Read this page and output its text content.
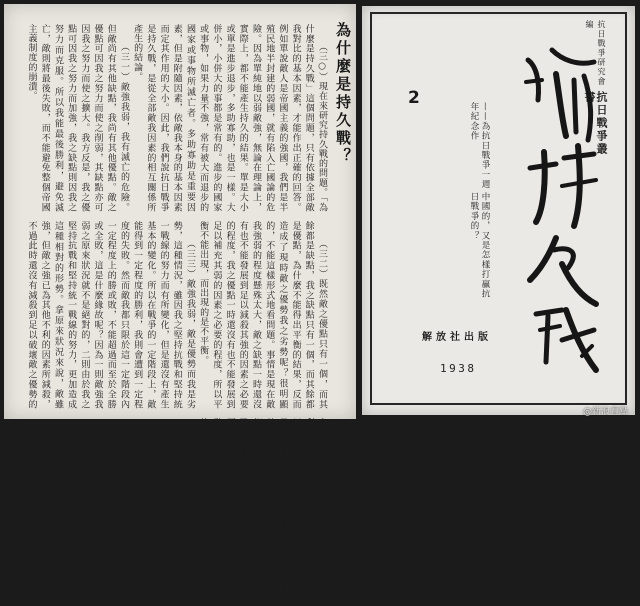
為什麼是持久戰？

（三○）現在來研究持久戰的問題。「為什麼是持久戰」這個問題，只有依據全部敵我對比的基本因素，才能作出正確的回答。例如單說敵人是帝國主義的強國，我們是半殖民地半封建的弱國，就有陷入亡國論的危險。因為單純地以弱敵強，無論在理論上，實際上，都不能產生持久的結果。單是大小或單是進步退步，多助寡助，也是一樣。大併小，小併大的事都是常有的。進步的國家或事物，如果力量不強，常有被大而退步的國家或事物所滅亡者。多助寡助是重要因素，但是附隨因素，依敵我本身的基本因素而定其作用的大小。因此，我們說抗日戰爭是持久戰，是從全部敵我因素的相互關係所產生的結論。

（三一）敵強我弱，我有滅亡的危險。但敵尚有其他缺點，我尚有其他優點。敵之優點可因我之努力而使之削弱，其缺點亦可因我之努力而使之擴大。我方反是，我之優點可因我之努力而加強，我之缺點則因我之努力而克服。所以我能最後勝利，避免滅亡，敵則將最後失敗，而不能避免整個帝國主義制度的崩潰。

（三二）既然敵之優點只有一個，而其餘都是缺點，我之缺點只有一個，而其餘都是優點，為什麼不能得出平衡的結果，反而造成了現時敵之優勢我之劣勢呢？很明顯的，不能這樣形式地看問題。事情是現在敵我強弱的程度懸殊太大，敵之缺點一時還沒有也不能發展到足以減殺其強的因素之必要的程度，我之優點一時還沒有也不能發展到足以補充其弱的因素之必要的程度，所以平衡不能出現，而出現的是不平衡。

（三三）敵強我弱，敵是優勢而我是劣勢，這種情況，雖因我之堅持抗戰和堅持統一戰線的努力而有所變化，但是還沒有產生基本的變化。所以在戰爭的一定階段上，敵能得到一定程度的勝利，我則會遭到一定程度的失敗。然而敵我都只限於這一定階段內一定程度上的勝或敗，不能超過而至於全勝或全敗，這是什麼緣故呢？因為一則敵強我弱之原來狀況就不是絕對的，二則由於我之堅持抗戰和堅持統一戰線的努力，更加造成這種相對的形勢。拿原來狀況來說，敵雖強，但敵之強已為其他不利的因素所減殺，不過此時還沒有減殺到足以破壞敵之優勢的必要的程度；我雖弱，但我之弱已為其他有利的因素所補充，不過此時還沒有補充到足以改變我之劣勢的必要的程度。於是形成敵是相對的強，我是相對的弱；敵是相對的優勢，我是相對的劣勢。雙方的強弱優劣原來都不是絕對的，加以戰爭過程中我之堅持抗戰和堅持統一戰線的努力，更加變化了敵我原來強弱優劣的形勢，因而敵我只是在一定階段內有一定程度的勝或敗，造成了持久戰的局面。

抗日戰爭研究會編
抗日戰爭叢書
2
——為抗日戰爭一週年紀念作
中國的，又是怎樣打贏抗日戰爭的？
解放社出版
1938
@新浪看點
